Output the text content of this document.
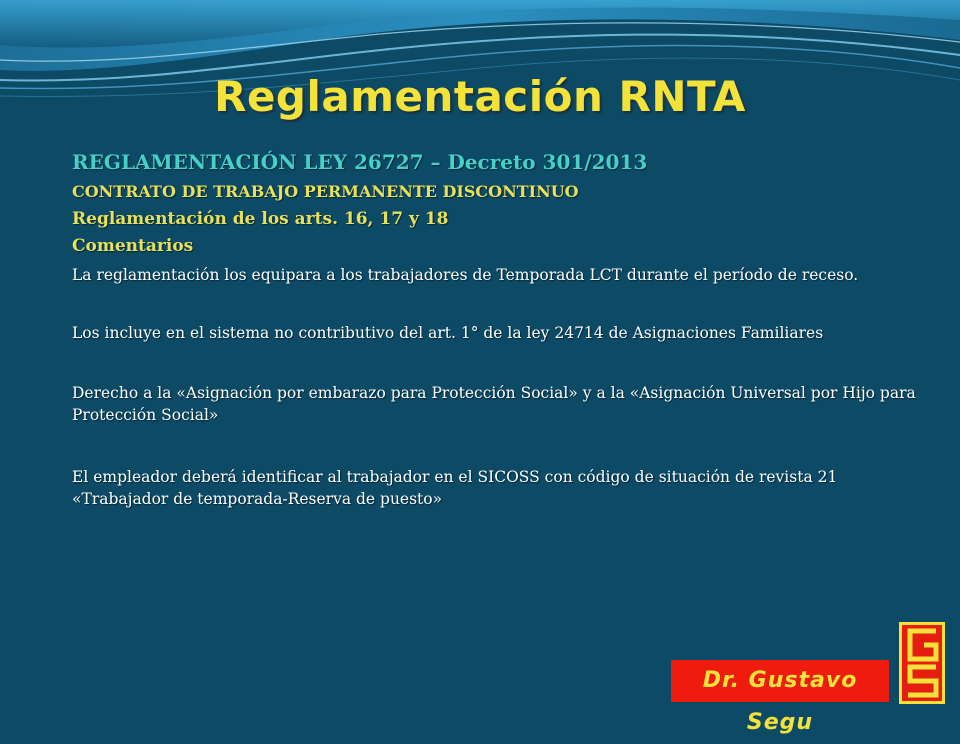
Reglamentación RNTA
REGLAMENTACIÓN LEY 26727 – Decreto 301/2013
CONTRATO DE TRABAJO PERMANENTE DISCONTINUO
Reglamentación de los arts. 16, 17 y 18
Comentarios

La reglamentación los equipara a los trabajadores de Temporada LCT durante el período de receso.

Los incluye en el sistema no contributivo del art. 1° de la ley 24714 de Asignaciones Familiares

Derecho a la «Asignación por embarazo para Protección Social» y a la «Asignación Universal por Hijo para Protección Social»

El empleador deberá identificar al trabajador en el SICOSS con código de situación de revista 21 «Trabajador de temporada-Reserva de puesto»

Dr. Gustavo Segu
